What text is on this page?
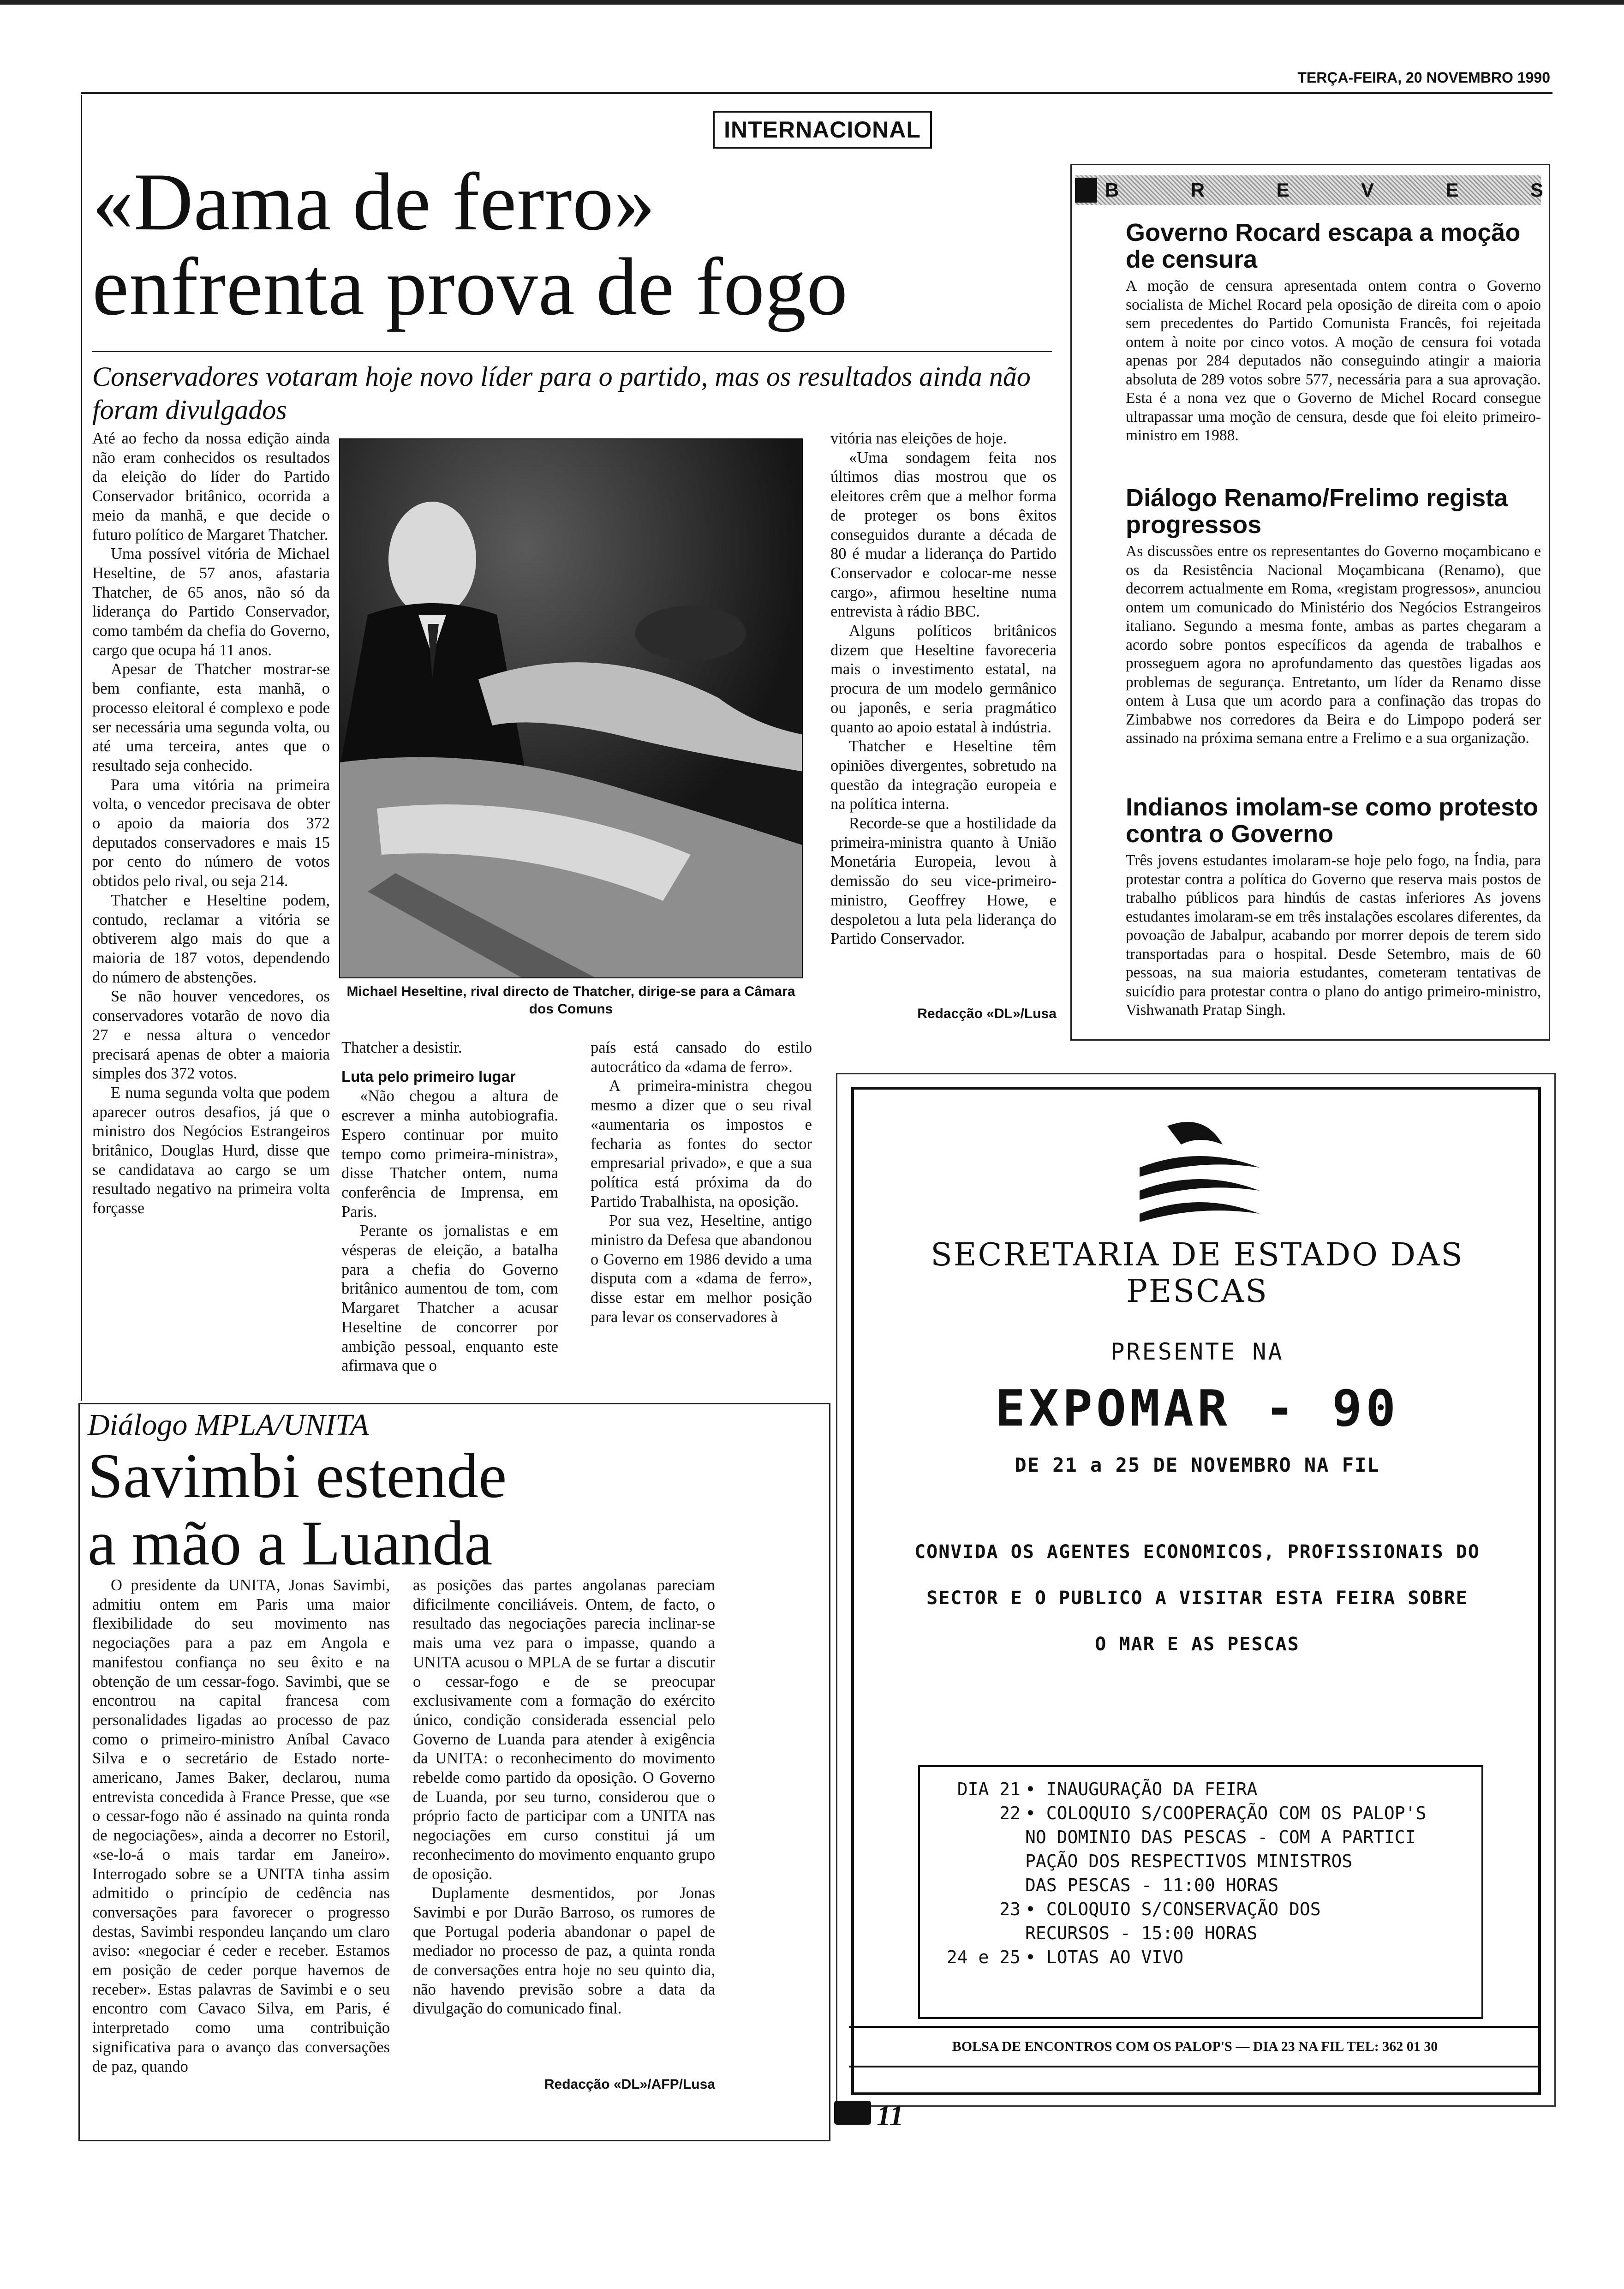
TERÇA-FEIRA, 20 NOVEMBRO 1990
INTERNACIONAL
«Dama de ferro»
enfrenta prova de fogo
Conservadores votaram hoje novo líder para o partido, mas os resultados ainda não foram divulgados

Até ao fecho da nossa edição ainda não eram conhecidos os resultados da eleição do líder do Partido Conservador britânico, ocorrida a meio da manhã, e que decide o futuro político de Margaret Thatcher.

Uma possível vitória de Michael Heseltine, de 57 anos, afastaria Thatcher, de 65 anos, não só da liderança do Partido Conservador, como também da chefia do Governo, cargo que ocupa há 11 anos.

Apesar de Thatcher mostrar-se bem confiante, esta manhã, o processo eleitoral é complexo e pode ser necessária uma segunda volta, ou até uma terceira, antes que o resultado seja conhecido.

Para uma vitória na primeira volta, o vencedor precisava de obter o apoio da maioria dos 372 deputados conservadores e mais 15 por cento do número de votos obtidos pelo rival, ou seja 214.

Thatcher e Heseltine podem, contudo, reclamar a vitória se obtiverem algo mais do que a maioria de 187 votos, dependendo do número de abstenções.

Se não houver vencedores, os conservadores votarão de novo dia 27 e nessa altura o vencedor precisará apenas de obter a maioria simples dos 372 votos.

E numa segunda volta que podem aparecer outros desafios, já que o ministro dos Negócios Estrangeiros britânico, Douglas Hurd, disse que se candidatava ao cargo se um resultado negativo na primeira volta forçasse

Michael Heseltine, rival directo de Thatcher, dirige-se para a Câmara dos Comuns

Thatcher a desistir.

Luta pelo primeiro lugar

«Não chegou a altura de escrever a minha autobiografia. Espero continuar por muito tempo como primeira-ministra», disse Thatcher ontem, numa conferência de Imprensa, em Paris.

Perante os jornalistas e em vésperas de eleição, a batalha para a chefia do Governo britânico aumentou de tom, com Margaret Thatcher a acusar Heseltine de concorrer por ambição pessoal, enquanto este afirmava que o

vitória nas eleições de hoje.

«Uma sondagem feita nos últimos dias mostrou que os eleitores crêm que a melhor forma de proteger os bons êxitos conseguidos durante a década de 80 é mudar a liderança do Partido Conservador e colocar-me nesse cargo», afirmou heseltine numa entrevista à rádio BBC.

Alguns políticos britânicos dizem que Heseltine favoreceria mais o investimento estatal, na procura de um modelo germânico ou japonês, e seria pragmático quanto ao apoio estatal à indústria.

Thatcher e Heseltine têm opiniões divergentes, sobretudo na questão da integração europeia e na política interna.

Recorde-se que a hostilidade da primeira-ministra quanto à União Monetária Europeia, levou à demissão do seu vice-primeiro-ministro, Geoffrey Howe, e despoletou a luta pela liderança do Partido Conservador.

Redacção «DL»/Lusa

país está cansado do estilo autocrático da «dama de ferro».

A primeira-ministra chegou mesmo a dizer que o seu rival «aumentaria os impostos e fecharia as fontes do sector empresarial privado», e que a sua política está próxima da do Partido Trabalhista, na oposição.

Por sua vez, Heseltine, antigo ministro da Defesa que abandonou o Governo em 1986 devido a uma disputa com a «dama de ferro», disse estar em melhor posição para levar os conservadores à

B	R	E	V	E	S
Governo Rocard escapa a moção de censura
A moção de censura apresentada ontem contra o Governo socialista de Michel Rocard pela oposição de direita com o apoio sem precedentes do Partido Comunista Francês, foi rejeitada ontem à noite por cinco votos. A moção de censura foi votada apenas por 284 deputados não conseguindo atingir a maioria absoluta de 289 votos sobre 577, necessária para a sua aprovação. Esta é a nona vez que o Governo de Michel Rocard consegue ultrapassar uma moção de censura, desde que foi eleito primeiro-ministro em 1988.
Diálogo Renamo/Frelimo regista progressos
As discussões entre os representantes do Governo moçambicano e os da Resistência Nacional Moçambicana (Renamo), que decorrem actualmente em Roma, «registam progressos», anunciou ontem um comunicado do Ministério dos Negócios Estrangeiros italiano. Segundo a mesma fonte, ambas as partes chegaram a acordo sobre pontos específicos da agenda de trabalhos e prosseguem agora no aprofundamento das questões ligadas aos problemas de segurança. Entretanto, um líder da Renamo disse ontem à Lusa que um acordo para a confinação das tropas do Zimbabwe nos corredores da Beira e do Limpopo poderá ser assinado na próxima semana entre a Frelimo e a sua organização.
Indianos imolam-se como protesto contra o Governo
Três jovens estudantes imolaram-se hoje pelo fogo, na Índia, para protestar contra a política do Governo que reserva mais postos de trabalho públicos para hindús de castas inferiores As jovens estudantes imolaram-se em três instalações escolares diferentes, da povoação de Jabalpur, acabando por morrer depois de terem sido transportadas para o hospital. Desde Setembro, mais de 60 pessoas, na sua maioria estudantes, cometeram tentativas de suicídio para protestar contra o plano do antigo primeiro-ministro, Vishwanath Pratap Singh.
SECRETARIA DE ESTADO DAS PESCAS
PRESENTE NA
EXPOMAR - 90
DE 21 a 25 DE NOVEMBRO NA FIL
CONVIDA OS AGENTES ECONOMICOS, PROFISSIONAIS DO
SECTOR E O PUBLICO A VISITAR ESTA FEIRA SOBRE
O MAR E AS PESCAS
DIA 21 • INAUGURAÇÃO DA FEIRA
22 • COLOQUIO S/COOPERAÇÃO COM OS PALOP'S
NO DOMINIO DAS PESCAS - COM A PARTICI
PAÇÃO DOS RESPECTIVOS MINISTROS
DAS PESCAS - 11:00 HORAS
23 • COLOQUIO S/CONSERVAÇÃO DOS
RECURSOS - 15:00 HORAS
24 e 25 • LOTAS AO VIVO
BOLSA DE ENCONTROS COM OS PALOP'S — DIA 23 NA FIL TEL: 362 01 30
Diálogo MPLA/UNITA
Savimbi estende
a mão a Luanda

O presidente da UNITA, Jonas Savimbi, admitiu ontem em Paris uma maior flexibilidade do seu movimento nas negociações para a paz em Angola e manifestou confiança no seu êxito e na obtenção de um cessar-fogo. Savimbi, que se encontrou na capital francesa com personalidades ligadas ao processo de paz como o primeiro-ministro Aníbal Cavaco Silva e o secretário de Estado norte-americano, James Baker, declarou, numa entrevista concedida à France Presse, que «se o cessar-fogo não é assinado na quinta ronda de negociações», ainda a decorrer no Estoril, «se-lo-á o mais tardar em Janeiro». Interrogado sobre se a UNITA tinha assim admitido o princípio de cedência nas conversações para favorecer o progresso destas, Savimbi respondeu lançando um claro aviso: «negociar é ceder e receber. Estamos em posição de ceder porque havemos de receber». Estas palavras de Savimbi e o seu encontro com Cavaco Silva, em Paris, é interpretado como uma contribuição significativa para o avanço das conversações de paz, quando

as posições das partes angolanas pareciam dificilmente conciliáveis. Ontem, de facto, o resultado das negociações parecia inclinar-se mais uma vez para o impasse, quando a UNITA acusou o MPLA de se furtar a discutir o cessar-fogo e de se preocupar exclusivamente com a formação do exército único, condição considerada essencial pelo Governo de Luanda para atender à exigência da UNITA: o reconhecimento do movimento rebelde como partido da oposição. O Governo de Luanda, por seu turno, considerou que o próprio facto de participar com a UNITA nas negociações em curso constitui já um reconhecimento do movimento enquanto grupo de oposição.

Duplamente desmentidos, por Jonas Savimbi e por Durão Barroso, os rumores de que Portugal poderia abandonar o papel de mediador no processo de paz, a quinta ronda de conversações entra hoje no seu quinto dia, não havendo previsão sobre a data da divulgação do comunicado final.

Redacção «DL»/AFP/Lusa
11
